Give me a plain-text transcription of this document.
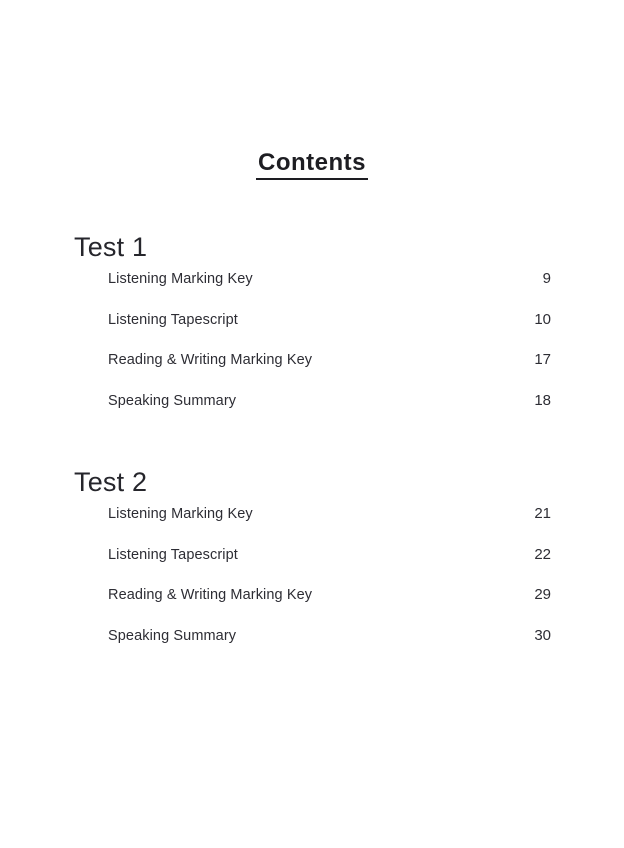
Contents
Test 1
Listening Marking Key	9
Listening Tapescript	10
Reading & Writing Marking Key	17
Speaking Summary	18
Test 2
Listening Marking Key	21
Listening Tapescript	22
Reading & Writing Marking Key	29
Speaking Summary	30
